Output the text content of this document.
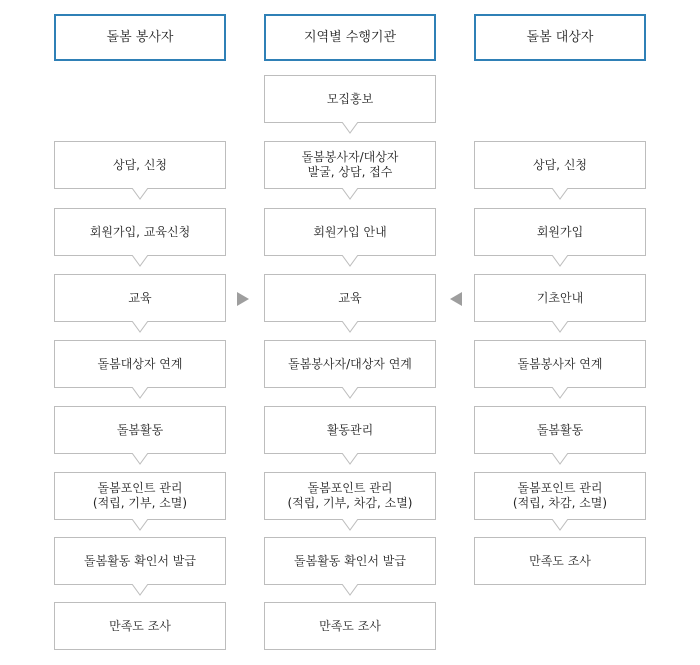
돌봄 봉사자	지역별 수행기관	돌봄 대상자
상담, 신청
회원가입, 교육신청
교육
돌봄대상자 연계
돌봄활동
돌봄포인트 관리
(적립, 기부, 소멸)
돌봄활동 확인서 발급
만족도 조사
모집홍보
돌봄봉사자/대상자
발굴, 상담, 접수
회원가입 안내
교육
돌봄봉사자/대상자 연계
활동관리
돌봄포인트 관리
(적립, 기부, 차감, 소멸)
돌봄활동 확인서 발급
만족도 조사
상담, 신청
회원가입
기초안내
돌봄봉사자 연계
돌봄활동
돌봄포인트 관리
(적립, 차감, 소멸)
만족도 조사
